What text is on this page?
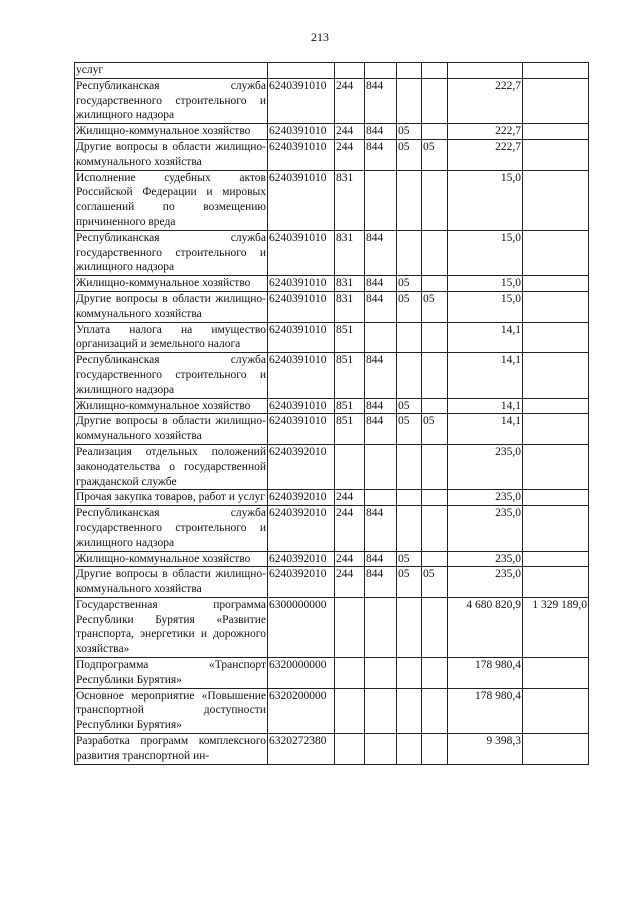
213
услуг							
Республиканская служба государственного строительного и жилищного надзора	6240391010	244	844			222,7	
Жилищно-коммунальное хозяйство	6240391010	244	844	05		222,7	
Другие вопросы в области жилищно-коммунального хозяйства	6240391010	244	844	05	05	222,7	
Исполнение судебных актов Российской Федерации и мировых соглашений по возмещению причиненного вреда	6240391010	831				15,0	
Республиканская служба государственного строительного и жилищного надзора	6240391010	831	844			15,0	
Жилищно-коммунальное хозяйство	6240391010	831	844	05		15,0	
Другие вопросы в области жилищно-коммунального хозяйства	6240391010	831	844	05	05	15,0	
Уплата налога на имущество организаций и земельного налога	6240391010	851				14,1	
Республиканская служба государственного строительного и жилищного надзора	6240391010	851	844			14,1	
Жилищно-коммунальное хозяйство	6240391010	851	844	05		14,1	
Другие вопросы в области жилищно-коммунального хозяйства	6240391010	851	844	05	05	14,1	
Реализация отдельных положений законодательства о государственной гражданской службе	6240392010					235,0	
Прочая закупка товаров, работ и услуг	6240392010	244				235,0	
Республиканская служба государственного строительного и жилищного надзора	6240392010	244	844			235,0	
Жилищно-коммунальное хозяйство	6240392010	244	844	05		235,0	
Другие вопросы в области жилищно-коммунального хозяйства	6240392010	244	844	05	05	235,0	
Государственная программа Республики Бурятия «Развитие транспорта, энергетики и дорожного хозяйства»	6300000000					4 680 820,9	1 329 189,0
Подпрограмма «Транспорт Республики Бурятия»	6320000000					178 980,4	
Основное мероприятие «Повышение транспортной доступности Республики Бурятия»	6320200000					178 980,4	
Разработка программ комплексного развития транспортной ин-	6320272380					9 398,3	
